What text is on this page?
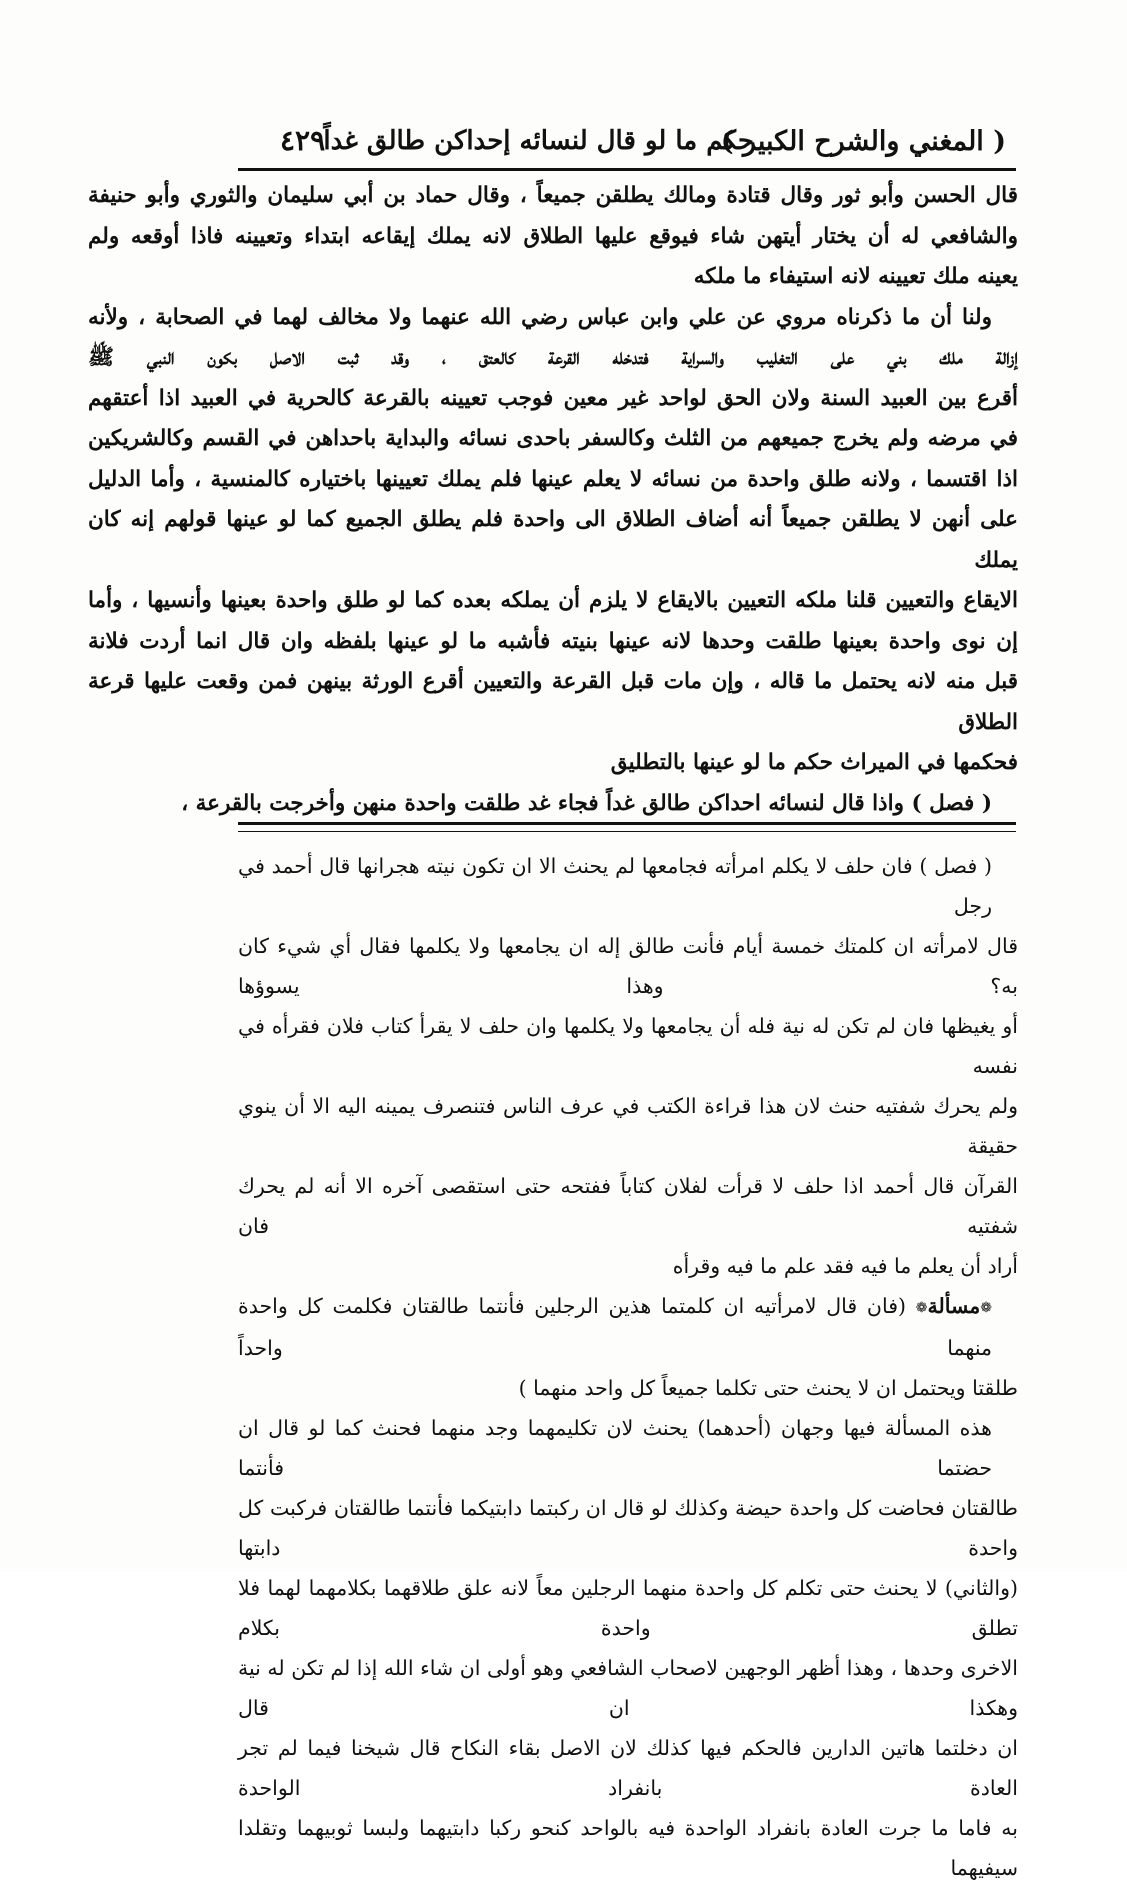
( المغني والشرح الكبير )
حكم ما لو قال لنسائه إحداكن طالق غداً
٤٢٩

قال الحسن وأبو ثور وقال قتادة ومالك يطلقن جميعاً ، وقال حماد بن أبي سليمان والثوري وأبو حنيفة

والشافعي له أن يختار أيتهن شاء فيوقع عليها الطلاق لانه يملك إيقاعه ابتداء وتعيينه فاذا أوقعه ولم

يعينه ملك تعيينه لانه استيفاء ما ملكه

ولنا أن ما ذكرناه مروي عن علي وابن عباس رضي الله عنهما ولا مخالف لهما في الصحابة ، ولأنه

إزالة ملك بني على التغليب والسراية فتدخله القرعة كالعتق ، وقد ثبت الاصل بكون النبي ﷺ

أقرع بين العبيد السنة ولان الحق لواحد غير معين فوجب تعيينه بالقرعة كالحرية في العبيد اذا أعتقهم

في مرضه ولم يخرج جميعهم من الثلث وكالسفر باحدى نسائه والبداية باحداهن في القسم وكالشريكين

اذا اقتسما ، ولانه طلق واحدة من نسائه لا يعلم عينها فلم يملك تعيينها باختياره كالمنسية ، وأما الدليل

على أنهن لا يطلقن جميعاً أنه أضاف الطلاق الى واحدة فلم يطلق الجميع كما لو عينها قولهم إنه كان يملك

الايقاع والتعيين قلنا ملكه التعيين بالايقاع لا يلزم أن يملكه بعده كما لو طلق واحدة بعينها وأنسيها ، وأما

إن نوى واحدة بعينها طلقت وحدها لانه عينها بنيته فأشبه ما لو عينها بلفظه وان قال انما أردت فلانة

قبل منه لانه يحتمل ما قاله ، وإن مات قبل القرعة والتعيين أقرع الورثة بينهن فمن وقعت عليها قرعة الطلاق

فحكمها في الميراث حكم ما لو عينها بالتطليق

( فصل ) واذا قال لنسائه احداكن طالق غداً فجاء غد طلقت واحدة منهن وأخرجت بالقرعة ،

( فصل ) فان حلف لا يكلم امرأته فجامعها لم يحنث الا ان تكون نيته هجرانها قال أحمد في رجل

قال لامرأته ان كلمتك خمسة أيام فأنت طالق إله ان يجامعها ولا يكلمها فقال أي شيء كان به؟ وهذا يسوؤها

أو يغيظها فان لم تكن له نية فله أن يجامعها ولا يكلمها وان حلف لا يقرأ كتاب فلان فقرأه في نفسه

ولم يحرك شفتيه حنث لان هذا قراءة الكتب في عرف الناس فتنصرف يمينه اليه الا أن ينوي حقيقة

القرآن قال أحمد اذا حلف لا قرأت لفلان كتاباً ففتحه حتى استقصى آخره الا أنه لم يحرك شفتيه فان

أراد أن يعلم ما فيه فقد علم ما فيه وقرأه

❁مسألة❁ (فان قال لامرأتيه ان كلمتما هذين الرجلين فأنتما طالقتان فكلمت كل واحدة منهما واحداً

طلقتا ويحتمل ان لا يحنث حتى تكلما جميعاً كل واحد منهما )

هذه المسألة فيها وجهان (أحدهما) يحنث لان تكليمهما وجد منهما فحنث كما لو قال ان حضتما فأنتما

طالقتان فحاضت كل واحدة حيضة وكذلك لو قال ان ركبتما دابتيكما فأنتما طالقتان فركبت كل واحدة دابتها

(والثاني) لا يحنث حتى تكلم كل واحدة منهما الرجلين معاً لانه علق طلاقهما بكلامهما لهما فلا تطلق واحدة بكلام

الاخرى وحدها ، وهذا أظهر الوجهين لاصحاب الشافعي وهو أولى ان شاء الله إذا لم تكن له نية وهكذا ان قال

ان دخلتما هاتين الدارين فالحكم فيها كذلك لان الاصل بقاء النكاح قال شيخنا فيما لم تجر العادة بانفراد الواحدة

به فاما ما جرت العادة بانفراد الواحدة فيه بالواحد كنحو ركبا دابتيهما ولبسا ثوبيهما وتقلدا سيفيهما
